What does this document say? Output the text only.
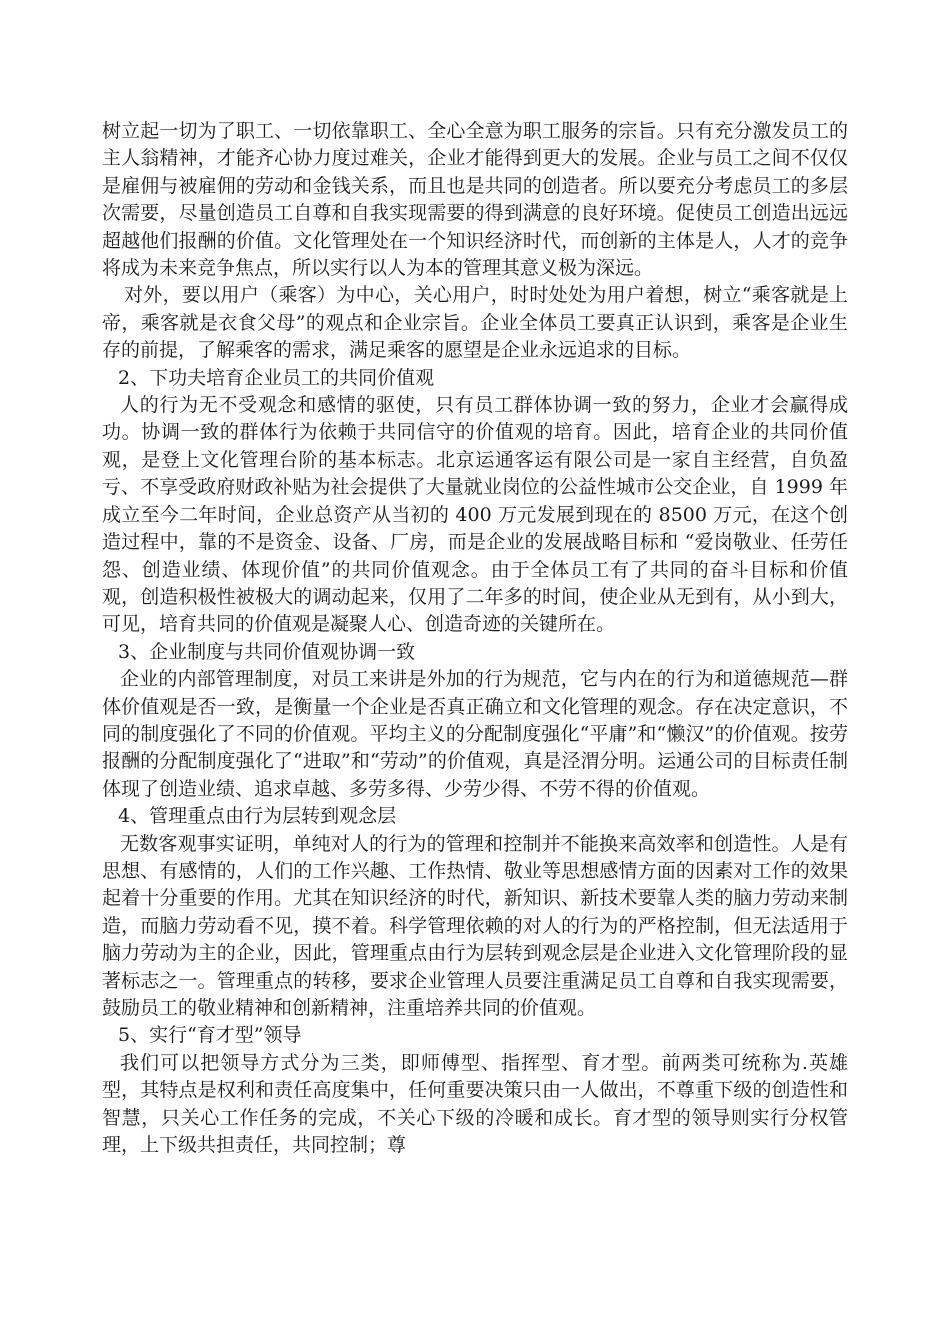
树立起一切为了职工、一切依靠职工、全心全意为职工服务的宗旨。只有充分激发员工的主人翁精神，才能齐心协力度过难关，企业才能得到更大的发展。企业与员工之间不仅仅是雇佣与被雇佣的劳动和金钱关系，而且也是共同的创造者。所以要充分考虑员工的多层次需要，尽量创造员工自尊和自我实现需要的得到满意的良好环境。促使员工创造出远远超越他们报酬的价值。文化管理处在一个知识经济时代，而创新的主体是人，人才的竞争将成为未来竞争焦点，所以实行以人为本的管理其意义极为深远。

对外，要以用户（乘客）为中心，关心用户，时时处处为用户着想，树立“乘客就是上帝，乘客就是衣食父母”的观点和企业宗旨。企业全体员工要真正认识到，乘客是企业生存的前提，了解乘客的需求，满足乘客的愿望是企业永远追求的目标。

2、下功夫培育企业员工的共同价值观

人的行为无不受观念和感情的驱使，只有员工群体协调一致的努力，企业才会赢得成功。协调一致的群体行为依赖于共同信守的价值观的培育。因此，培育企业的共同价值观，是登上文化管理台阶的基本标志。北京运通客运有限公司是一家自主经营，自负盈亏、不享受政府财政补贴为社会提供了大量就业岗位的公益性城市公交企业，自 1999 年成立至今二年时间，企业总资产从当初的 400 万元发展到现在的 8500 万元，在这个创造过程中，靠的不是资金、设备、厂房，而是企业的发展战略目标和 “爱岗敬业、任劳任怨、创造业绩、体现价值”的共同价值观念。由于全体员工有了共同的奋斗目标和价值观，创造积极性被极大的调动起来，仅用了二年多的时间，使企业从无到有，从小到大，可见，培育共同的价值观是凝聚人心、创造奇迹的关键所在。

3、企业制度与共同价值观协调一致

企业的内部管理制度，对员工来讲是外加的行为规范，它与内在的行为和道德规范—群体价值观是否一致，是衡量一个企业是否真正确立和文化管理的观念。存在决定意识，不同的制度强化了不同的价值观。平均主义的分配制度强化“平庸”和“懒汉”的价值观。按劳报酬的分配制度强化了“进取”和“劳动”的价值观，真是泾渭分明。运通公司的目标责任制体现了创造业绩、追求卓越、多劳多得、少劳少得、不劳不得的价值观。

4、管理重点由行为层转到观念层

无数客观事实证明，单纯对人的行为的管理和控制并不能换来高效率和创造性。人是有思想、有感情的，人们的工作兴趣、工作热情、敬业等思想感情方面的因素对工作的效果起着十分重要的作用。尤其在知识经济的时代，新知识、新技术要靠人类的脑力劳动来制造，而脑力劳动看不见，摸不着。科学管理依赖的对人的行为的严格控制，但无法适用于脑力劳动为主的企业，因此，管理重点由行为层转到观念层是企业进入文化管理阶段的显著标志之一。管理重点的转移，要求企业管理人员要注重满足员工自尊和自我实现需要，鼓励员工的敬业精神和创新精神，注重培养共同的价值观。

5、实行“育才型”领导

我们可以把领导方式分为三类，即师傅型、指挥型、育才型。前两类可统称为.英雄型，其特点是权利和责任高度集中，任何重要决策只由一人做出，不尊重下级的创造性和智慧，只关心工作任务的完成，不关心下级的冷暖和成长。育才型的领导则实行分权管理，上下级共担责任，共同控制；尊
